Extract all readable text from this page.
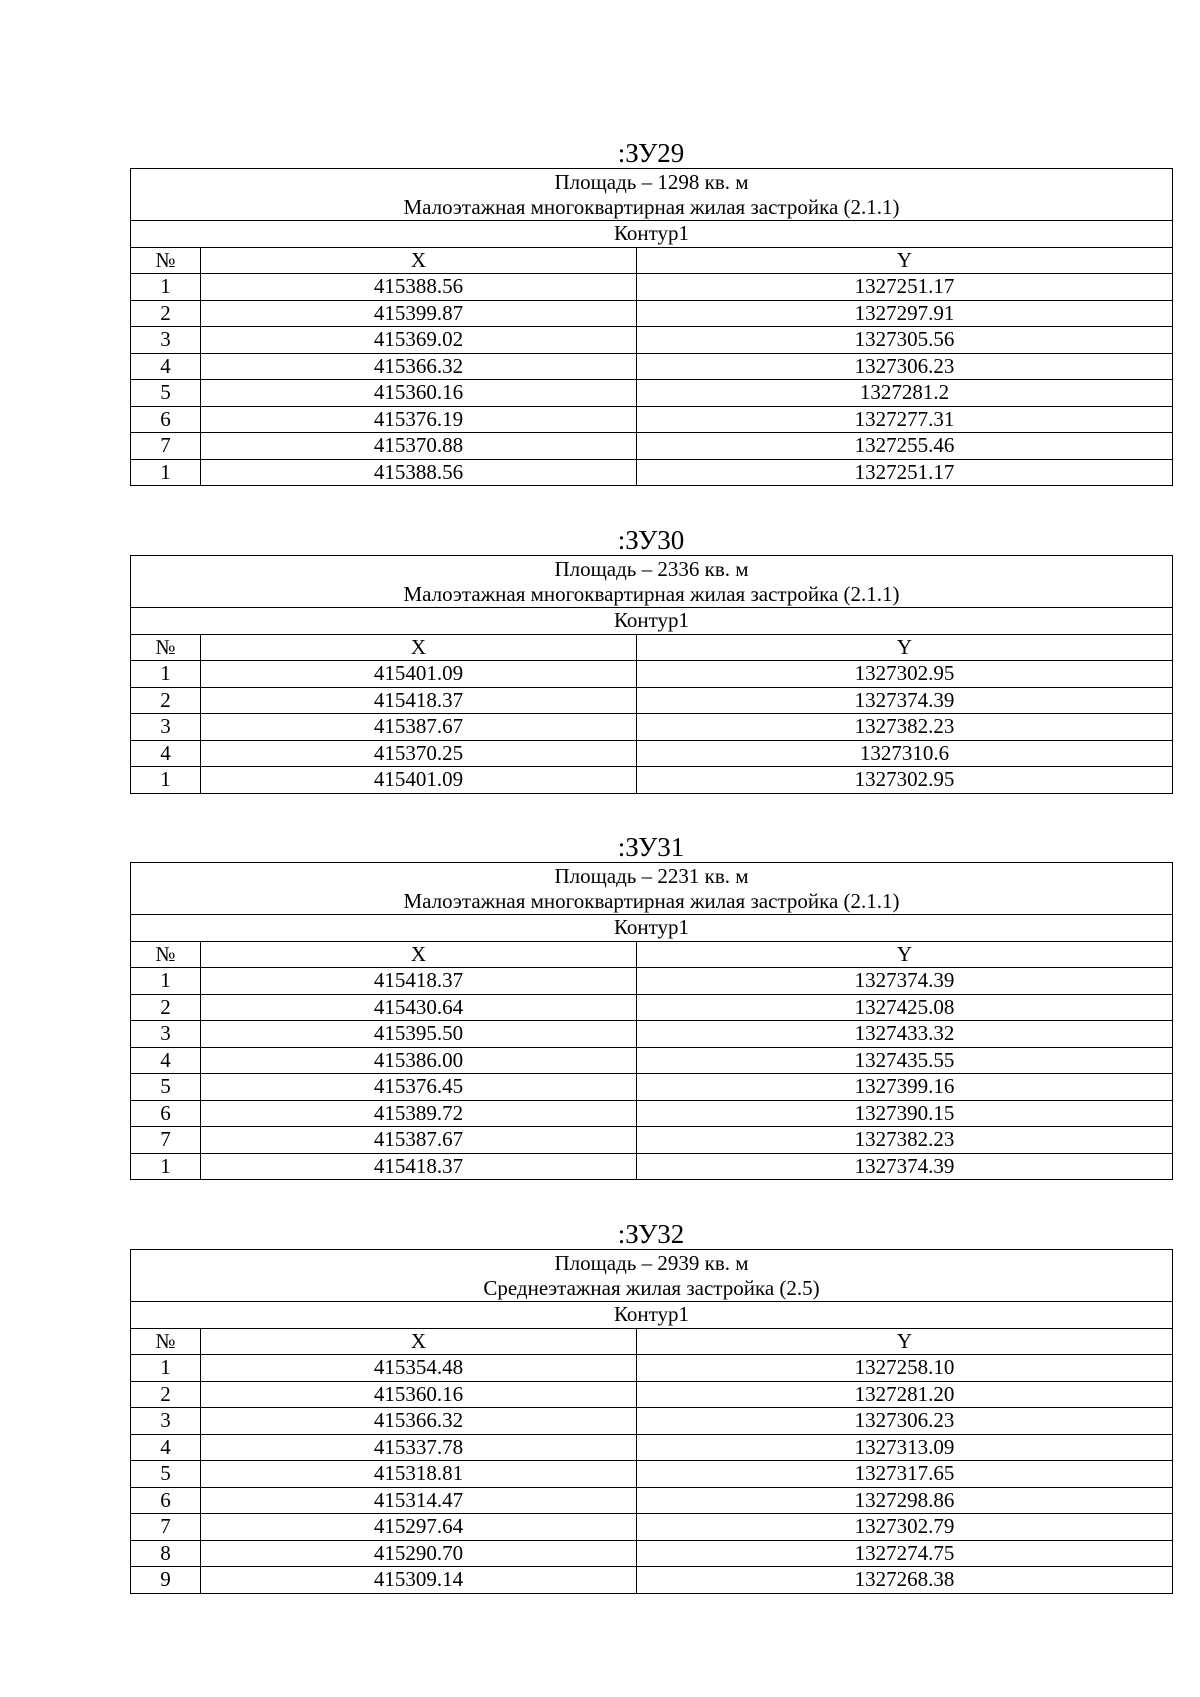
:ЗУ29
Площадь – 1298 кв. м
Малоэтажная многоквартирная жилая застройка (2.1.1)		

Контур1		
№	X	Y
1	415388.56	1327251.17
2	415399.87	1327297.91
3	415369.02	1327305.56
4	415366.32	1327306.23
5	415360.16	1327281.2
6	415376.19	1327277.31
7	415370.88	1327255.46
1	415388.56	1327251.17
:ЗУ30
Площадь – 2336 кв. м
Малоэтажная многоквартирная жилая застройка (2.1.1)		

Контур1		
№	X	Y
1	415401.09	1327302.95
2	415418.37	1327374.39
3	415387.67	1327382.23
4	415370.25	1327310.6
1	415401.09	1327302.95
:ЗУ31
Площадь – 2231 кв. м
Малоэтажная многоквартирная жилая застройка (2.1.1)		

Контур1		
№	X	Y
1	415418.37	1327374.39
2	415430.64	1327425.08
3	415395.50	1327433.32
4	415386.00	1327435.55
5	415376.45	1327399.16
6	415389.72	1327390.15
7	415387.67	1327382.23
1	415418.37	1327374.39
:ЗУ32
Площадь – 2939 кв. м
Среднеэтажная жилая застройка (2.5)		

Контур1		
№	X	Y
1	415354.48	1327258.10
2	415360.16	1327281.20
3	415366.32	1327306.23
4	415337.78	1327313.09
5	415318.81	1327317.65
6	415314.47	1327298.86
7	415297.64	1327302.79
8	415290.70	1327274.75
9	415309.14	1327268.38
